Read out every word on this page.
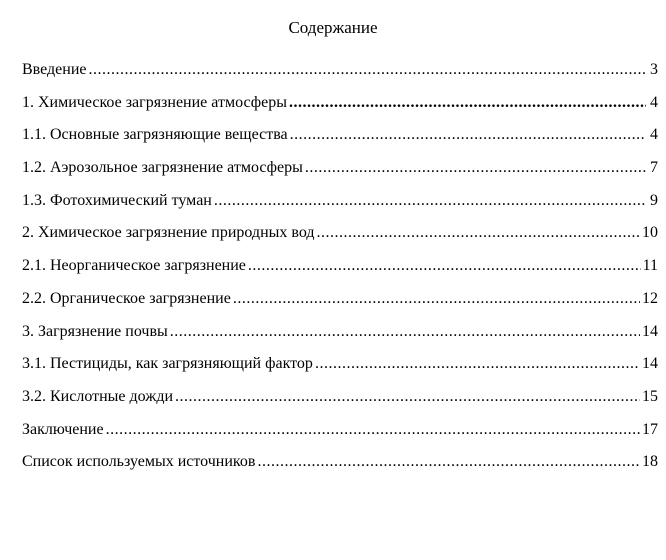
Содержание
Введение .....	3
1. Химическое загрязнение атмосферы .....	4
1.1. Основные загрязняющие вещества .....	4
1.2. Аэрозольное загрязнение атмосферы .....	7
1.3. Фотохимический туман .....	9
2. Химическое загрязнение природных вод .....	10
2.1. Неорганическое загрязнение .....	11
2.2. Органическое загрязнение .....	12
3. Загрязнение почвы .....	14
3.1. Пестициды, как загрязняющий фактор .....	14
3.2. Кислотные дожди .....	15
Заключение .....	17
Список используемых источников .....	18
